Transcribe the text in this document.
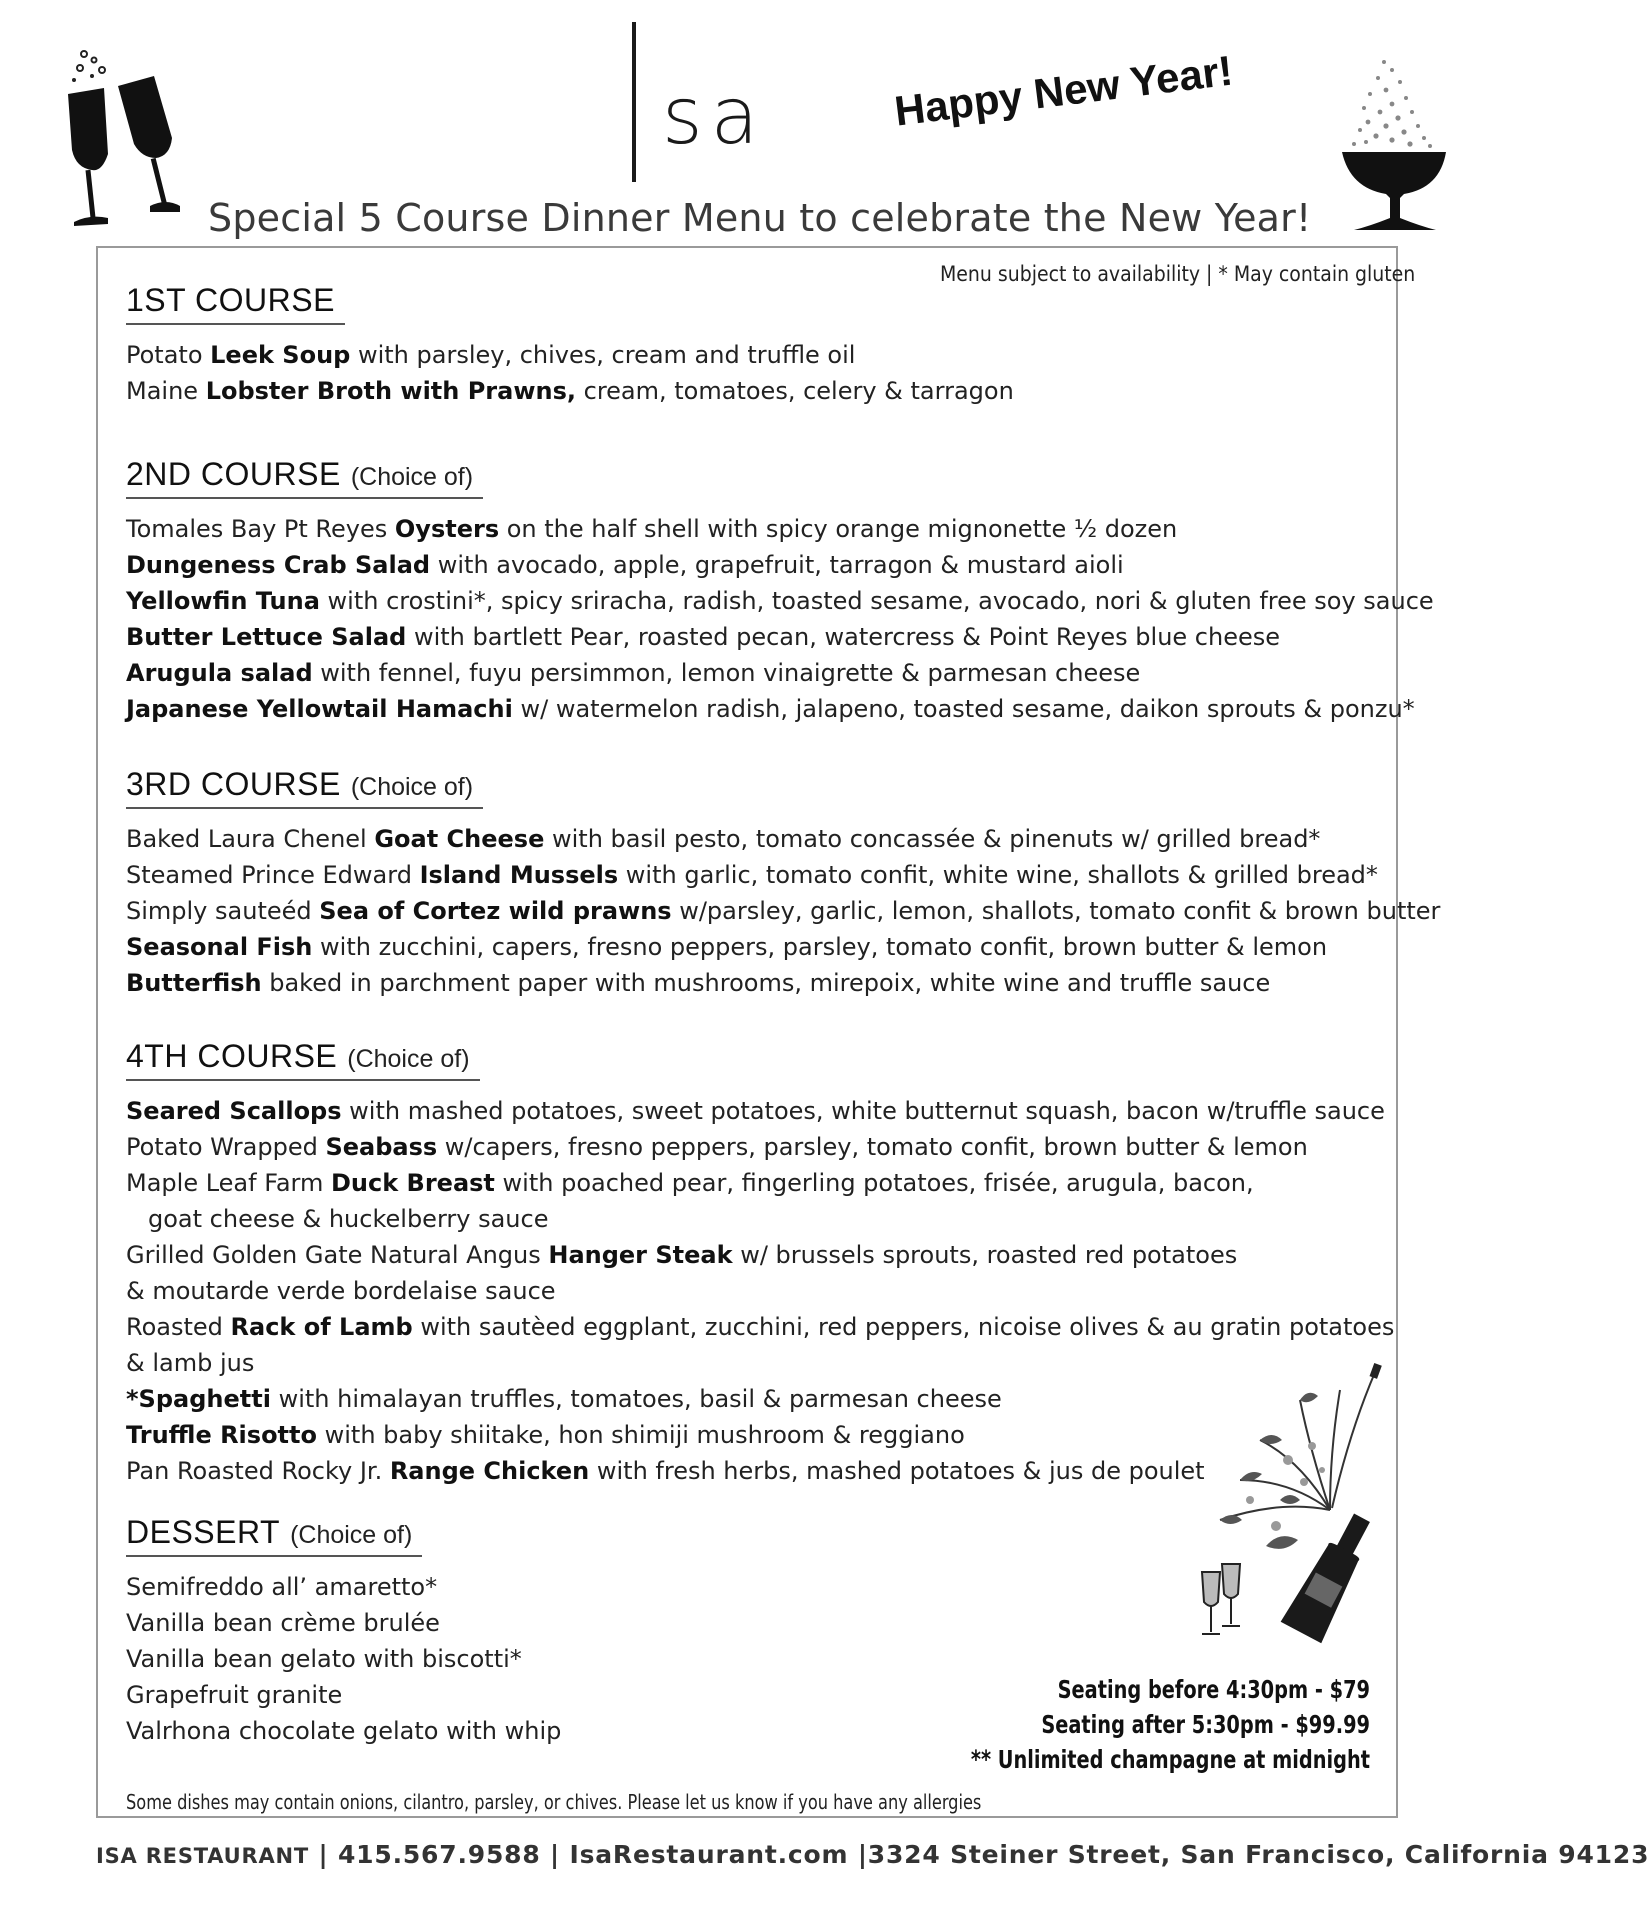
sa	Happy New Year!
Special 5 Course Dinner Menu to celebrate the New Year!
Menu subject to availability | * May contain gluten
1ST COURSE
Potato Leek Soup with parsley, chives, cream and truffle oil
Maine Lobster Broth with Prawns, cream, tomatoes, celery & tarragon
2ND COURSE (Choice of)
Tomales Bay Pt Reyes Oysters on the half shell with spicy orange mignonette ½ dozen
Dungeness Crab Salad with avocado, apple, grapefruit, tarragon & mustard aioli
Yellowfin Tuna with crostini*, spicy sriracha, radish, toasted sesame, avocado, nori & gluten free soy sauce
Butter Lettuce Salad with bartlett Pear, roasted pecan, watercress & Point Reyes blue cheese
Arugula salad with fennel, fuyu persimmon, lemon vinaigrette & parmesan cheese
Japanese Yellowtail Hamachi w/ watermelon radish, jalapeno, toasted sesame, daikon sprouts & ponzu*
3RD COURSE (Choice of)
Baked Laura Chenel Goat Cheese with basil pesto, tomato concassée & pinenuts w/ grilled bread*
Steamed Prince Edward Island Mussels with garlic, tomato confit, white wine, shallots & grilled bread*
Simply sauteéd Sea of Cortez wild prawns w/parsley, garlic, lemon, shallots, tomato confit & brown butter
Seasonal Fish with zucchini, capers, fresno peppers, parsley, tomato confit, brown butter & lemon
Butterfish baked in parchment paper with mushrooms, mirepoix, white wine and truffle sauce
4TH COURSE (Choice of)
Seared Scallops with mashed potatoes, sweet potatoes, white butternut squash, bacon w/truffle sauce
Potato Wrapped Seabass w/capers, fresno peppers, parsley, tomato confit, brown butter & lemon
Maple Leaf Farm Duck Breast with poached pear, fingerling potatoes, frisée, arugula, bacon,
goat cheese & huckelberry sauce
Grilled Golden Gate Natural Angus Hanger Steak w/ brussels sprouts, roasted red potatoes
& moutarde verde bordelaise sauce
Roasted Rack of Lamb with sautèed eggplant, zucchini, red peppers, nicoise olives & au gratin potatoes
& lamb jus
*Spaghetti with himalayan truffles, tomatoes, basil & parmesan cheese
Truffle Risotto with baby shiitake, hon shimiji mushroom & reggiano
Pan Roasted Rocky Jr. Range Chicken with fresh herbs, mashed potatoes & jus de poulet
DESSERT (Choice of)
Semifreddo all’ amaretto*
Vanilla bean crème brulée
Vanilla bean gelato with biscotti*
Grapefruit granite
Valrhona chocolate gelato with whip
Seating before 4:30pm - $79
Seating after 5:30pm - $99.99
** Unlimited champagne at midnight
Some dishes may contain onions, cilantro, parsley, or chives. Please let us know if you have any allergies
ISA RESTAURANT | 415.567.9588 | IsaRestaurant.com |3324 Steiner Street, San Francisco, California 94123
